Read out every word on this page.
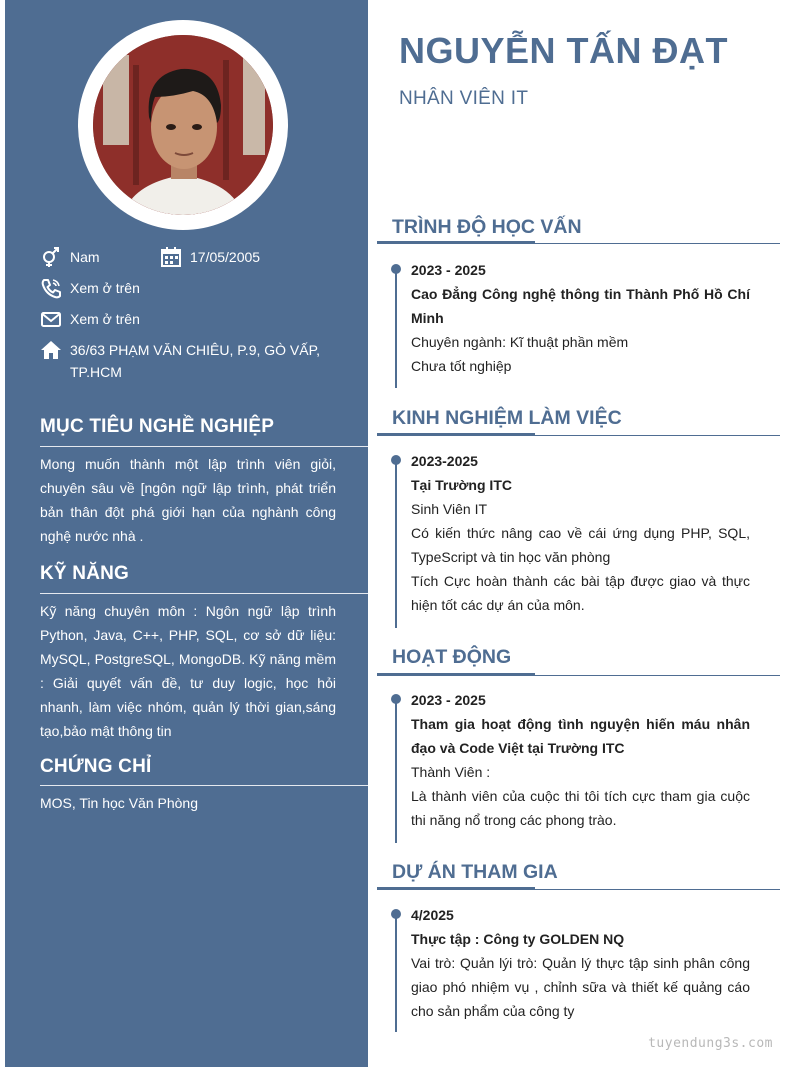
Nam	17/05/2005
Xem ở trên
Xem ở trên
36/63 PHẠM VĂN CHIÊU, P.9, GÒ VẤP, TP.HCM
MỤC TIÊU NGHỀ NGHIỆP
Mong muốn thành một lập trình viên giỏi, chuyên sâu về [ngôn ngữ lập trình, phát triển bản thân đột phá giới hạn của nghành công nghệ nước nhà .
KỸ NĂNG
Kỹ năng chuyên môn : Ngôn ngữ lập trình Python, Java, C++, PHP, SQL, cơ sở dữ liệu: MySQL, PostgreSQL, MongoDB. Kỹ năng mềm : Giải quyết vấn đề, tư duy logic, học hỏi nhanh, làm việc nhóm, quản lý thời gian,sáng tạo,bảo mật thông tin
CHỨNG CHỈ
MOS, Tin học Văn Phòng
NGUYỄN TẤN ĐẠT
NHÂN VIÊN IT
TRÌNH ĐỘ HỌC VẤN
2023 - 2025
Cao Đẳng Công nghệ thông tin Thành Phố Hồ Chí Minh
Chuyên ngành: Kĩ thuật phần mềm
Chưa tốt nghiệp
KINH NGHIỆM LÀM VIỆC
2023-2025
Tại Trường ITC
Sinh Viên IT
Có kiến thức nâng cao về cái ứng dụng PHP, SQL, TypeScript và tin học văn phòng
Tích Cực hoàn thành các bài tập được giao và thực hiện tốt các dự án của môn.
HOẠT ĐỘNG
2023 - 2025
Tham gia hoạt động tình nguyện hiến máu nhân đạo và Code Việt tại Trường ITC
Thành Viên :
Là thành viên của cuộc thi tôi tích cực tham gia cuộc thi năng nổ trong các phong trào.
DỰ ÁN THAM GIA
4/2025
Thực tập : Công ty GOLDEN NQ
Vai trò: Quản lýi trò: Quản lý thực tập sinh phân công giao phó nhiệm vụ , chỉnh sữa và thiết kế quảng cáo cho sản phẩm của công ty
tuyendung3s.com
